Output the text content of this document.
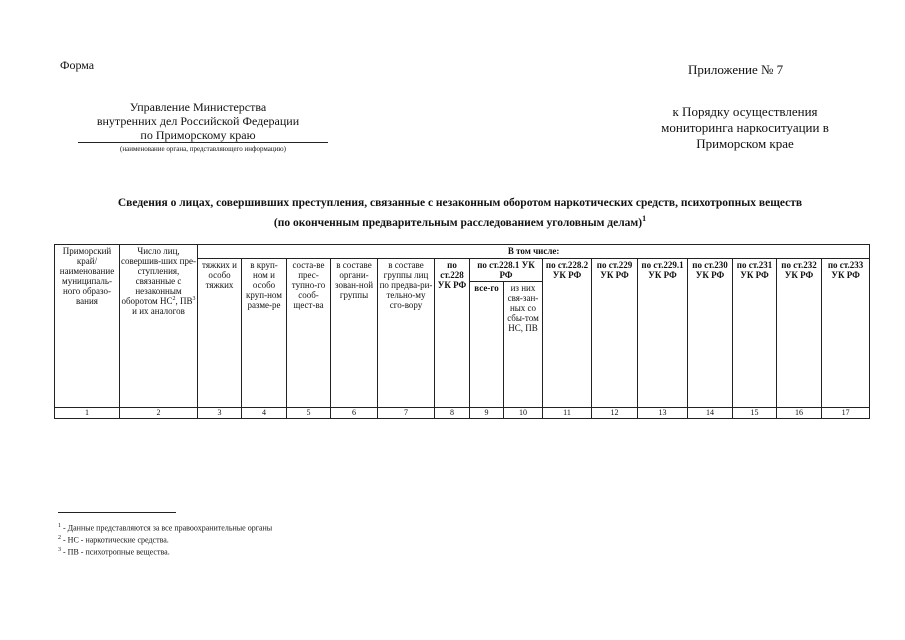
Форма	Приложение № 7
Управление Министерства
внутренних дел Российской Федерации
по Приморскому краю
(наименование органа, представляющего информацию)
к Порядку осуществления
мониторинга наркоситуации в
Приморском крае
Сведения о лицах, совершивших преступления, связанные с незаконным оборотом наркотических средств, психотропных веществ
(по оконченным предварительным расследованием уголовным делам)$^1$
Приморский край/ наименование муниципаль-ного образо-вания	Число лиц, совершив-ших пре-ступления, связанные с незаконным оборотом $НС^2$, $ПВ^3$ и их аналогов	В том числе:														
		тяжких и особо тяжких	в круп-ном и особо круп-ном разме-ре	соста-ве прес-тупно-го сооб-щест-ва	в составе органи-зован-ной группы	в составе группы лиц по предва-ри-тельно-му сго-вору	по ст.228 УК РФ	по ст.228.1 УК РФ		по ст.228.2 УК РФ	по ст.229 УК РФ	по ст.229.1 УК РФ	по ст.230 УК РФ	по ст.231 УК РФ	по ст.232 УК РФ	по ст.233 УК РФ
								все-го	из них свя-зан-ных со сбы-том НС, ПВ							
1	2	3	4	5	6	7	8	9	10	11	12	13	14	15	16	17
$^1$ - Данные представляются за все правоохранительные органы
$^2$ - НС - наркотические средства.
$^3$ - ПВ - психотропные вещества.
